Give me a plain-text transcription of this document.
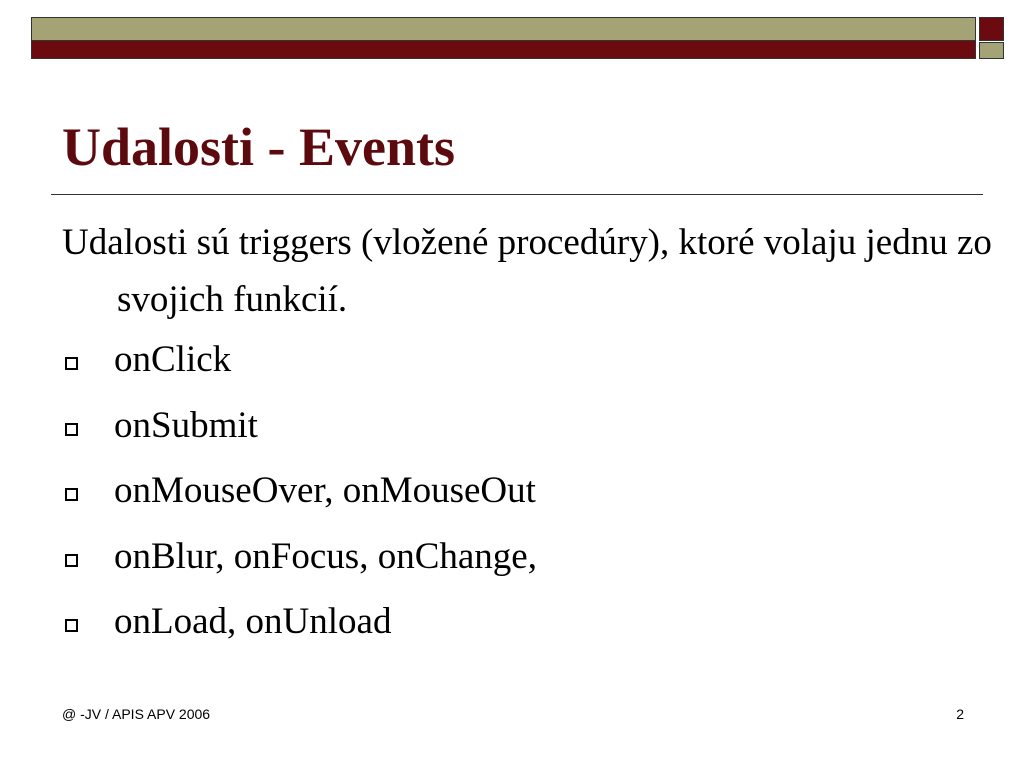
Udalosti - Events

Udalosti sú triggers (vložené procedúry), ktoré volaju jednu zo svojich funkcií.

onClick
onSubmit
onMouseOver, onMouseOut
onBlur, onFocus, onChange,
onLoad, onUnload
@ -JV / APIS APV 2006	2
